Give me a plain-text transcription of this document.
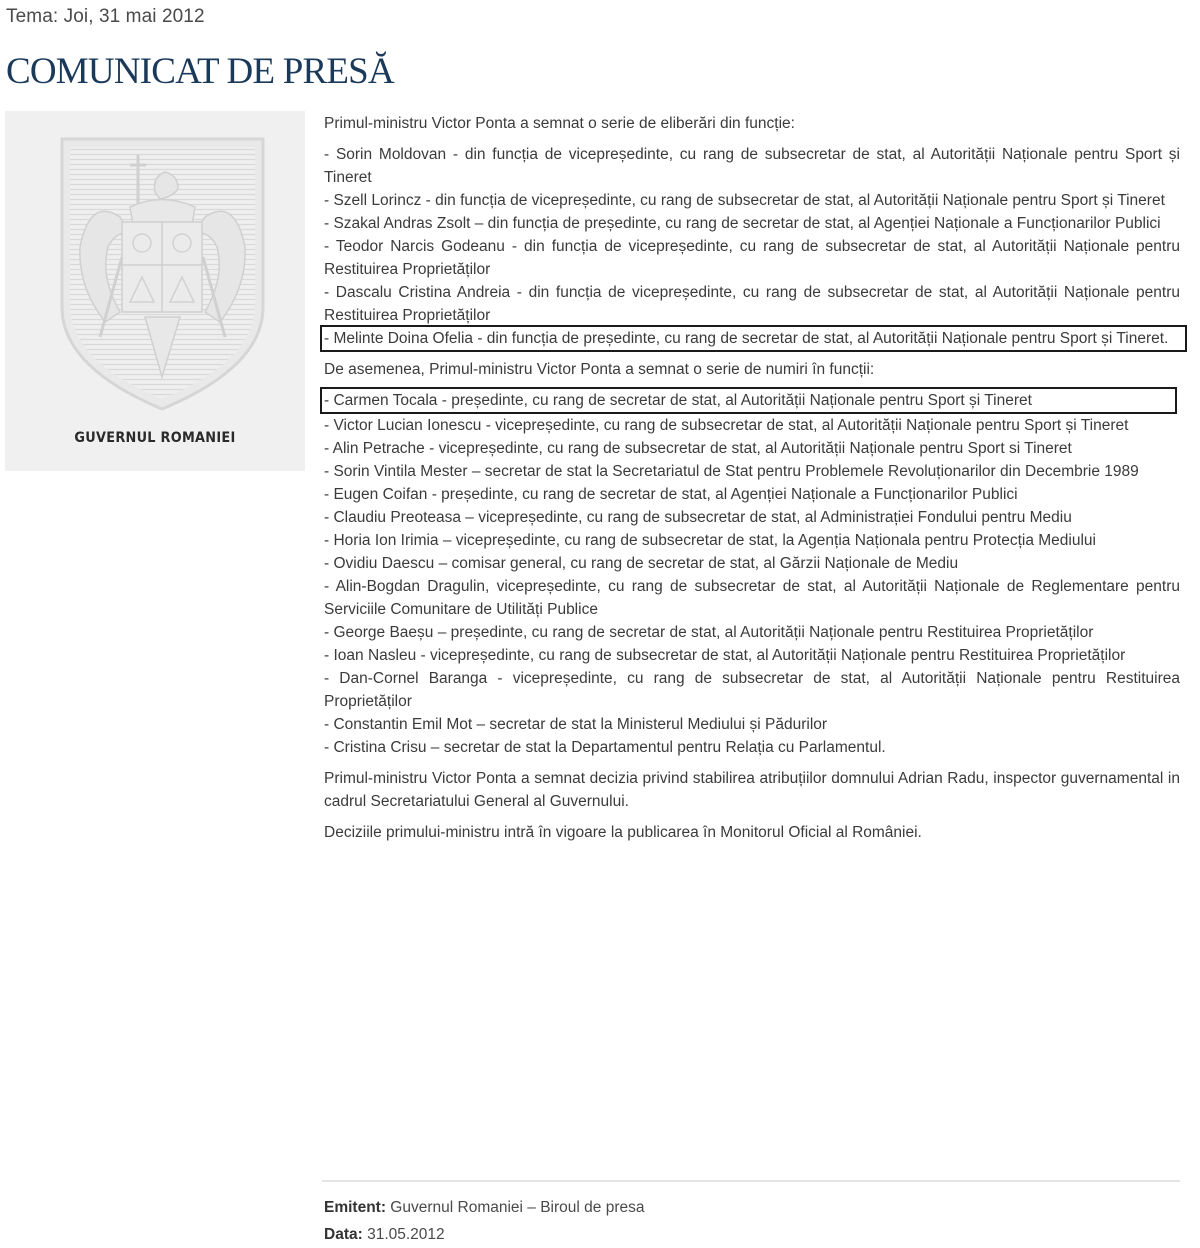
Tema: Joi, 31 mai 2012
COMUNICAT DE PRESĂ
GUVERNUL ROMANIEI

Primul-ministru Victor Ponta a semnat o serie de eliberări din funcție:

- Sorin Moldovan - din funcția de vicepreședinte, cu rang de subsecretar de stat, al Autorității Naționale pentru Sport și Tineret
- Szell Lorincz - din funcția de vicepreședinte, cu rang de subsecretar de stat, al Autorității Naționale pentru Sport și Tineret
- Szakal Andras Zsolt – din funcția de președinte, cu rang de secretar de stat, al Agenției Naționale a Funcționarilor Publici
- Teodor Narcis Godeanu - din funcția de vicepreședinte, cu rang de subsecretar de stat, al Autorității Naționale pentru Restituirea Proprietăților
- Dascalu Cristina Andreia - din funcția de vicepreședinte, cu rang de subsecretar de stat, al Autorității Naționale pentru Restituirea Proprietăților
- Melinte Doina Ofelia - din funcția de președinte, cu rang de secretar de stat, al Autorității Naționale pentru Sport și Tineret.

De asemenea, Primul-ministru Victor Ponta a semnat o serie de numiri în funcții:

- Carmen Tocala - președinte, cu rang de secretar de stat, al Autorității Naționale pentru Sport și Tineret
- Victor Lucian Ionescu - vicepreședinte, cu rang de subsecretar de stat, al Autorității Naționale pentru Sport și Tineret
- Alin Petrache - vicepreședinte, cu rang de subsecretar de stat, al Autorității Naționale pentru Sport si Tineret
- Sorin Vintila Mester – secretar de stat la Secretariatul de Stat pentru Problemele Revoluționarilor din Decembrie 1989
- Eugen Coifan - președinte, cu rang de secretar de stat, al Agenției Naționale a Funcționarilor Publici
- Claudiu Preoteasa – vicepreședinte, cu rang de subsecretar de stat, al Administrației Fondului pentru Mediu
- Horia Ion Irimia – vicepreședinte, cu rang de subsecretar de stat, la Agenția Naționala pentru Protecția Mediului
- Ovidiu Daescu – comisar general, cu rang de secretar de stat, al Gărzii Naționale de Mediu
- Alin-Bogdan Dragulin, vicepreședinte, cu rang de subsecretar de stat, al Autorității Naționale de Reglementare pentru Serviciile Comunitare de Utilități Publice
- George Baeșu – președinte, cu rang de secretar de stat, al Autorității Naționale pentru Restituirea Proprietăților
- Ioan Nasleu - vicepreședinte, cu rang de subsecretar de stat, al Autorității Naționale pentru Restituirea Proprietăților
- Dan-Cornel Baranga - vicepreședinte, cu rang de subsecretar de stat, al Autorității Naționale pentru Restituirea Proprietăților
- Constantin Emil Mot – secretar de stat la Ministerul Mediului și Pădurilor
- Cristina Crisu – secretar de stat la Departamentul pentru Relația cu Parlamentul.

Primul-ministru Victor Ponta a semnat decizia privind stabilirea atribuțiilor domnului Adrian Radu, inspector guvernamental in cadrul Secretariatului General al Guvernului.

Deciziile primului-ministru intră în vigoare la publicarea în Monitorul Oficial al României.

Emitent: Guvernul Romaniei – Biroul de presa
Data: 31.05.2012
